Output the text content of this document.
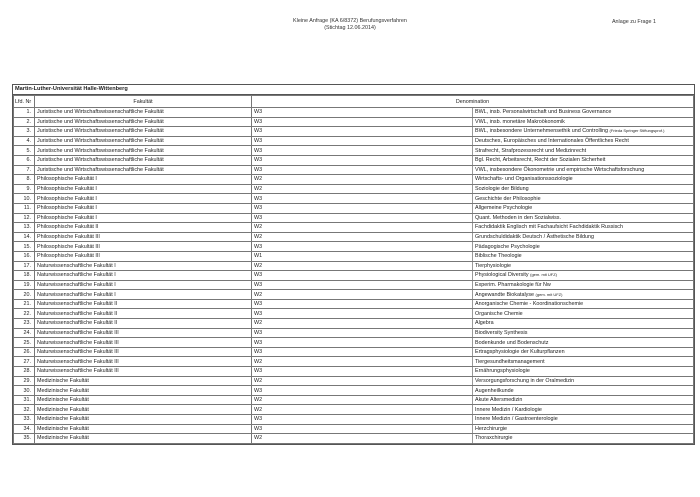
Kleine Anfrage (KA 6/8372) Berufungsverfahren
(Stichtag 12.06.2014)
Anlage zu Frage 1
Martin-Luther-Universität Halle-Wittenberg
Lfd. Nr	Fakultät	Denomination	
1.	Juristische und Wirtschaftswissenschaftliche Fakultät	W3	BWL, insb. Personalwirtschaft und Business Governance
2.	Juristische und Wirtschaftswissenschaftliche Fakultät	W3	VWL, insb. monetäre Makroökonomik
3.	Juristische und Wirtschaftswissenschaftliche Fakultät	W3	BWL, insbesondere Unternehmensethik und Controlling (Frieda Springer Stiftungsprof.)
4.	Juristische und Wirtschaftswissenschaftliche Fakultät	W3	Deutsches, Europäisches und Internationales Öffentliches Recht
5.	Juristische und Wirtschaftswissenschaftliche Fakultät	W3	Strafrecht, Strafprozessrecht und Medizinrecht
6.	Juristische und Wirtschaftswissenschaftliche Fakultät	W3	Bgl. Recht, Arbeitsrecht, Recht der Sozialen Sicherheit
7.	Juristische und Wirtschaftswissenschaftliche Fakultät	W3	VWL, insbesondere Ökonometrie und empirische Wirtschaftsforschung
8.	Philosophische Fakultät I	W2	Wirtschafts- und Organisationssoziologie
9.	Philosophische Fakultät I	W2	Soziologie der Bildung
10.	Philosophische Fakultät I	W3	Geschichte der Philosophie
11.	Philosophische Fakultät I	W3	Allgemeine Psychologie
12.	Philosophische Fakultät I	W3	Quant. Methoden in den Sozialwiss.
13.	Philosophische Fakultät II	W2	Fachdidaktik Englisch mit Fachaufsicht Fachdidaktik Russisch
14.	Philosophische Fakultät III	W2	Grundschuldidaktik Deutsch / Ästhetische Bildung
15.	Philosophische Fakultät III	W3	Pädagogische Psychologie
16.	Philosophische Fakultät III	W1	Biblische Theologie
17.	Naturwissenschaftliche Fakultät I	W2	Tierphysiologie
18.	Naturwissenschaftliche Fakultät I	W3	Physiological Diversity (gem. mit UFZ)
19.	Naturwissenschaftliche Fakultät I	W3	Experim. Pharmakologie für Nw
20.	Naturwissenschaftliche Fakultät I	W2	Angewandte Biokatalyse (gem. mit UFZ)
21.	Naturwissenschaftliche Fakultät II	W3	Anorganische Chemie - Koordinationschemie
22.	Naturwissenschaftliche Fakultät II	W3	Organische Chemie
23.	Naturwissenschaftliche Fakultät II	W2	Algebra
24.	Naturwissenschaftliche Fakultät III	W3	Biodiversity Synthesis
25.	Naturwissenschaftliche Fakultät III	W3	Bodenkunde und Bodenschutz
26.	Naturwissenschaftliche Fakultät III	W3	Ertragsphysiologie der Kulturpflanzen
27.	Naturwissenschaftliche Fakultät III	W2	Tiergesundheitsmanagement
28.	Naturwissenschaftliche Fakultät III	W3	Ernährungsphysiologie
29.	Medizinische Fakultät	W2	Versorgungsforschung in der Oralmedizin
30.	Medizinische Fakultät	W3	Augenheilkunde
31.	Medizinische Fakultät	W2	Akute Altersmedizin
32.	Medizinische Fakultät	W2	Innere Medizin / Kardiologie
33.	Medizinische Fakultät	W3	Innere Medizin / Gastroenterologie
34.	Medizinische Fakultät	W3	Herzchirurgie
35.	Medizinische Fakultät	W2	Thoraxchirurgie
